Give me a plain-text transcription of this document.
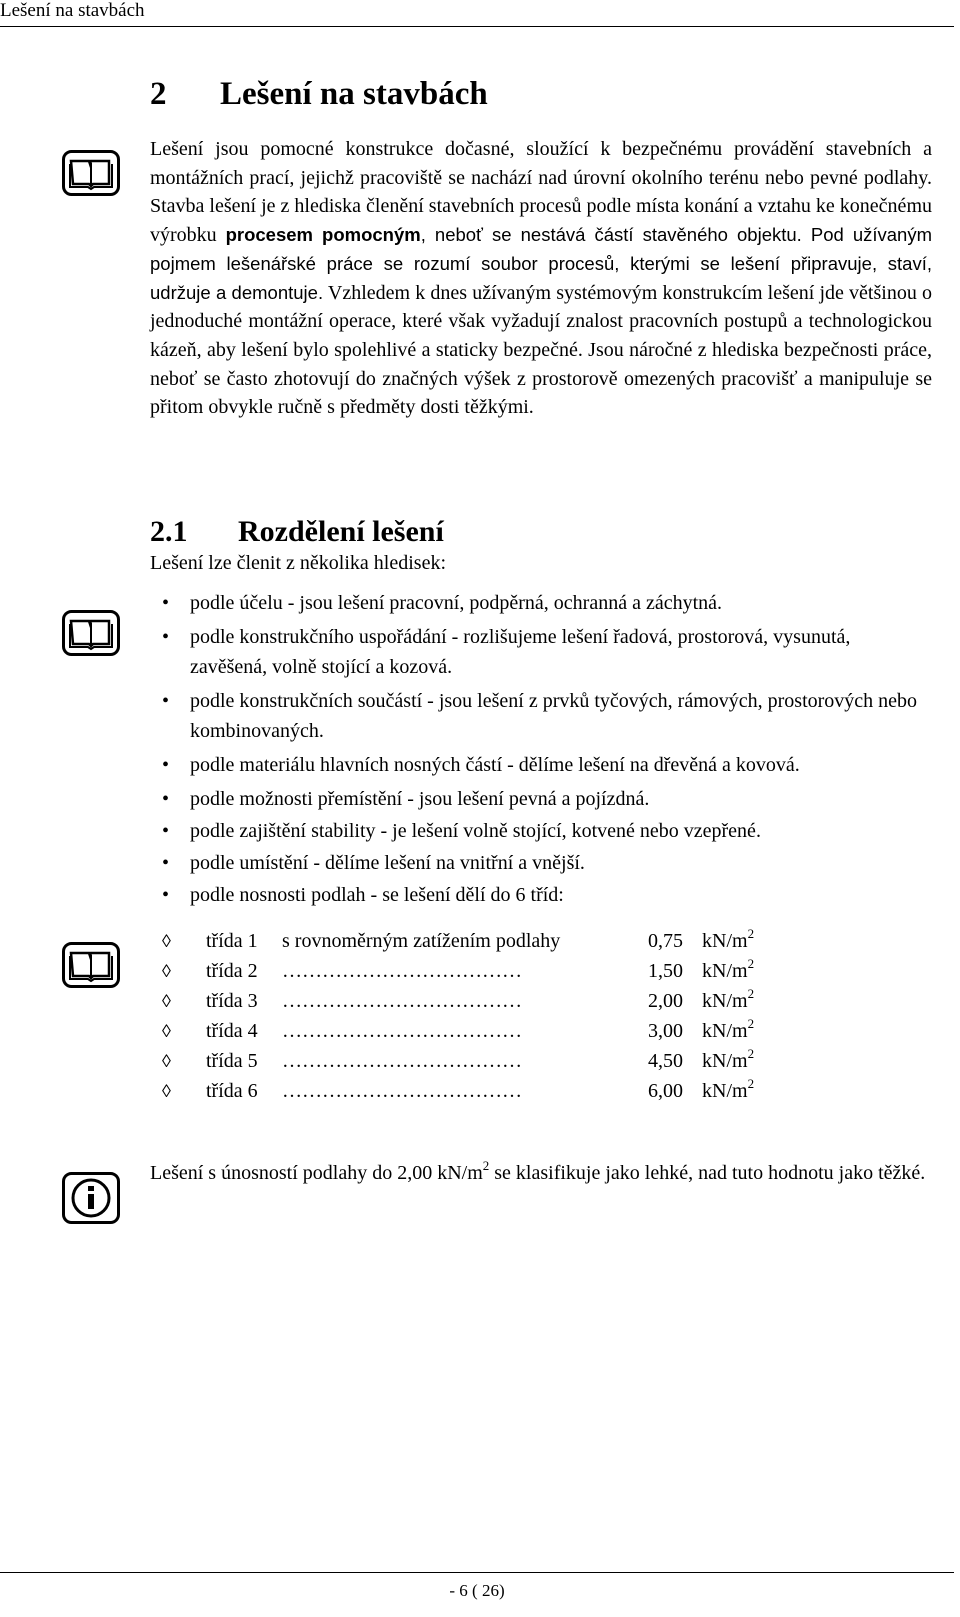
Lešení na stavbách
2 Lešení na stavbách
Lešení jsou pomocné konstrukce dočasné, sloužící k bezpečnému provádění stavebních a montážních prací, jejichž pracoviště se nachází nad úrovní okolního terénu nebo pevné podlahy. Stavba lešení je z hlediska členění stavebních procesů podle místa konání a vztahu ke konečnému výrobku procesem pomocným, neboť se nestává částí stavěného objektu. Pod užívaným pojmem lešenářské práce se rozumí soubor procesů, kterými se lešení připravuje, staví, udržuje a demontuje. Vzhledem k dnes užívaným systémovým konstrukcím lešení jde většinou o jednoduché montážní operace, které však vyžadují znalost pracovních postupů a technologickou kázeň, aby lešení bylo spolehlivé a staticky bezpečné. Jsou náročné z hlediska bezpečnosti práce, neboť se často zhotovují do značných výšek z prostorově omezených pracovišť a manipuluje se přitom obvykle ručně s předměty dosti těžkými.
2.1 Rozdělení lešení
Lešení lze členit z několika hledisek:
• podle účelu - jsou lešení pracovní, podpěrná, ochranná a záchytná.
• podle konstrukčního uspořádání - rozlišujeme lešení řadová, prostorová, vysunutá, zavěšená, volně stojící a kozová.
• podle konstrukčních součástí - jsou lešení z prvků tyčových, rámových, prostorových nebo kombinovaných.
• podle materiálu hlavních nosných částí - dělíme lešení na dřevěná a kovová.
• podle možnosti přemístění - jsou lešení pevná a pojízdná.
• podle zajištění stability - je lešení volně stojící, kotvené nebo vzepřené.
• podle umístění - dělíme lešení na vnitřní a vnější.
• podle nosnosti podlah - se lešení dělí do 6 tříd:
◊ třída 1 s rovnoměrným zatížením podlahy	0,75 $kN/m^2$
◊ třída 2 ………………………………	1,50 $kN/m^2$
◊ třída 3 ………………………………	2,00 $kN/m^2$
◊ třída 4 ………………………………	3,00 $kN/m^2$
◊ třída 5 ………………………………	4,50 $kN/m^2$
◊ třída 6 ………………………………	6,00 $kN/m^2$
Lešení s únosností podlahy do 2,00 $kN/m^2$ se klasifikuje jako lehké, nad tuto hodnotu jako těžké.
- 6 ( 26)
